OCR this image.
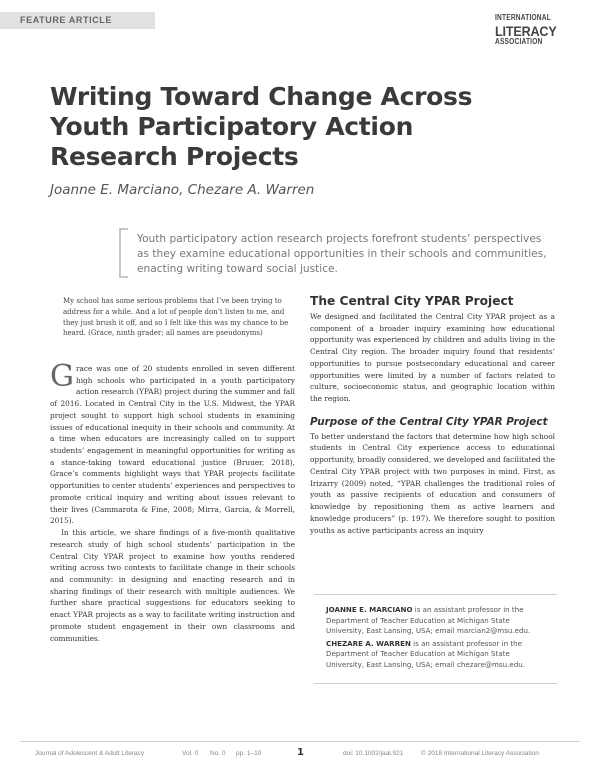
FEATURE ARTICLE	INTERNATIONAL
LITERACY
ASSOCIATION
Writing Toward Change Across Youth Participatory Action Research Projects
Joanne E. Marciano, Chezare A. Warren
Youth participatory action research projects forefront students’ perspectives as they examine educational opportunities in their schools and communities, enacting writing toward social justice.
My school has some serious problems that I’ve been trying to address for a while. And a lot of people don’t listen to me, and they just brush it off, and so I felt like this was my chance to be heard. (Grace, ninth grader; all names are pseudonyms)

Grace was one of 20 students enrolled in seven different high schools who participated in a youth participatory action research (YPAR) project during the summer and fall of 2016. Located in Central City in the U.S. Midwest, the YPAR project sought to support high school students in examining issues of educational inequity in their schools and community. At a time when educators are increasingly called on to support students’ engagement in meaningful opportunities for writing as a stance-taking toward educational justice (Bruuer, 2018), Grace’s comments highlight ways that YPAR projects facilitate opportunities to center students’ experiences and perspectives to promote critical inquiry and writing about issues relevant to their lives (Cammarota & Fine, 2008; Mirra, Garcia, & Morrell, 2015).

In this article, we share findings of a five-month qualitative research study of high school students’ participation in the Central City YPAR project to examine how youths rendered writing across two contexts to facilitate change in their schools and community: in designing and enacting research and in sharing findings of their research with multiple audiences. We further share practical suggestions for educators seeking to enact YPAR projects as a way to facilitate writing instruction and promote student engagement in their own classrooms and communities.

The Central City YPAR Project

We designed and facilitated the Central City YPAR project as a component of a broader inquiry examining how educational opportunity was experienced by children and adults living in the Central City region. The broader inquiry found that residents’ opportunities to pursue postsecondary educational and career opportunities were limited by a number of factors related to culture, socioeconomic status, and geographic location within the region.

Purpose of the Central City YPAR Project

To better understand the factors that determine how high school students in Central City experience access to educational opportunity, broadly considered, we developed and facilitated the Central City YPAR project with two purposes in mind. First, as Irizarry (2009) noted, “YPAR challenges the traditional roles of youth as passive recipients of education and consumers of knowledge by repositioning them as active learners and knowledge producers” (p. 197). We therefore sought to position youths as active participants across an inquiry

JOANNE E. MARCIANO is an assistant professor in the Department of Teacher Education at Michigan State University, East Lansing, USA; email marcian2@msu.edu.

CHEZARE A. WARREN is an assistant professor in the Department of Teacher Education at Michigan State University, East Lansing, USA; email chezare@msu.edu.

Journal of Adolescent & Adult Literacy	Vol. 0 No. 0 pp. 1–10	1	doi: 10.1002/jaal.921	© 2018 International Literacy Association
